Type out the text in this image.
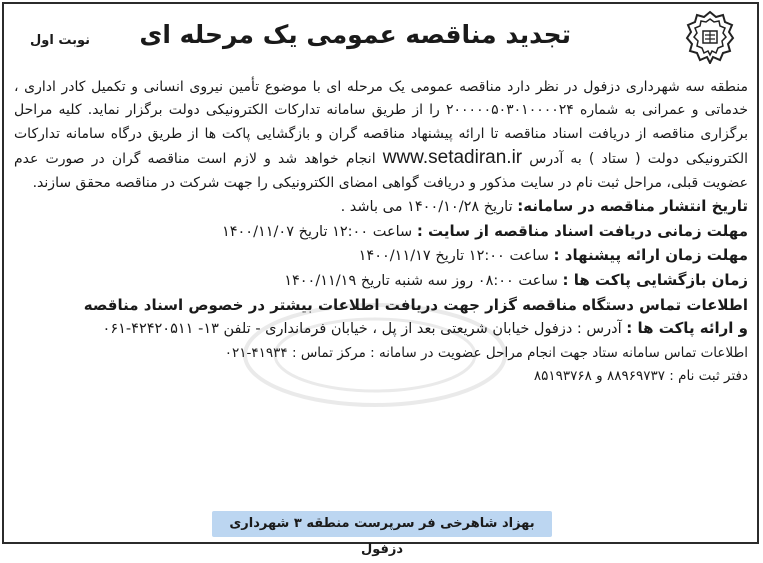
نوبت اول تجدید مناقصه عمومی یک مرحله ای

منطقه سه شهرداری دزفول در نظر دارد مناقصه عمومی یک مرحله ای با موضوع تأمین نیروی انسانی و تکمیل کادر اداری ، خدماتی و عمرانی به شماره ۲۰۰۰۰۰۵۰۳۰۱۰۰۰۰۲۴ را از طریق سامانه تدارکات الکترونیکی دولت برگزار نماید. کلیه مراحل برگزاری مناقصه از دریافت اسناد مناقصه تا ارائه پیشنهاد مناقصه گران و بازگشایی پاکت ها از طریق درگاه سامانه تدارکات الکترونیکی دولت ( ستاد ) به آدرس www.setadiran.ir انجام خواهد شد و لازم است مناقصه گران در صورت عدم عضویت قبلی، مراحل ثبت نام در سایت مذکور و دریافت گواهی امضای الکترونیکی را جهت شرکت در مناقصه محقق سازند.

تاریخ انتشار مناقصه در سامانه: تاریخ ۱۴۰۰/۱۰/۲۸ می باشد .
مهلت زمانی دریافت اسناد مناقصه از سایت : ساعت ۱۲:۰۰ تاریخ ۱۴۰۰/۱۱/۰۷
مهلت زمان ارائه پیشنهاد : ساعت ۱۲:۰۰ تاریخ ۱۴۰۰/۱۱/۱۷
زمان بازگشایی پاکت ها : ساعت ۰۸:۰۰ روز سه شنبه تاریخ ۱۴۰۰/۱۱/۱۹
اطلاعات تماس دستگاه مناقصه گزار جهت دریافت اطلاعات بیشتر در خصوص اسناد مناقصه
و ارائه پاکت ها : آدرس : دزفول خیابان شریعتی بعد از پل ، خیابان فرمانداری - تلفن ۱۳- ۴۲۴۲۰۵۱۱-۰۶۱
اطلاعات تماس سامانه ستاد جهت انجام مراحل عضویت در سامانه : مرکز تماس : ۴۱۹۳۴-۰۲۱
دفتر ثبت نام : ۸۸۹۶۹۷۳۷ و ۸۵۱۹۳۷۶۸
بهزاد شاهرخی فر سرپرست منطقه ۳ شهرداری دزفول
